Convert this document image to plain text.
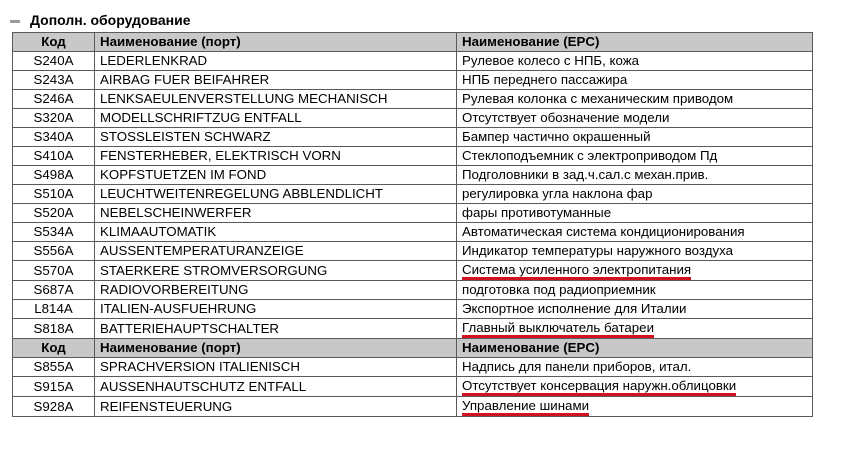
Дополн. оборудование
Код	Наименование (порт)	Наименование (EPC)
S240A	LEDERLENKRAD	Рулевое колесо с НПБ, кожа
S243A	AIRBAG FUER BEIFAHRER	НПБ переднего пассажира
S246A	LENKSAEULENVERSTELLUNG MECHANISCH	Рулевая колонка с механическим приводом
S320A	MODELLSCHRIFTZUG ENTFALL	Отсутствует обозначение модели
S340A	STOSSLEISTEN SCHWARZ	Бампер частично окрашенный
S410A	FENSTERHEBER, ELEKTRISCH VORN	Стеклоподъемник с электроприводом Пд
S498A	KOPFSTUETZEN IM FOND	Подголовники в зад.ч.сал.с механ.прив.
S510A	LEUCHTWEITENREGELUNG ABBLENDLICHT	регулировка угла наклона фар
S520A	NEBELSCHEINWERFER	фары противотуманные
S534A	KLIMAAUTOMATIK	Автоматическая система кондиционирования
S556A	AUSSENTEMPERATURANZEIGE	Индикатор температуры наружного воздуха
S570A	STAERKERE STROMVERSORGUNG	Система усиленного электропитания
S687A	RADIOVORBEREITUNG	подготовка под радиоприемник
L814A	ITALIEN-AUSFUEHRUNG	Экспортное исполнение для Италии
S818A	BATTERIEHAUPTSCHALTER	Главный выключатель батареи
Код	Наименование (порт)	Наименование (EPC)
S855A	SPRACHVERSION ITALIENISCH	Надпись для панели приборов, итал.
S915A	AUSSENHAUTSCHUTZ ENTFALL	Отсутствует консервация наружн.облицовки
S928A	REIFENSTEUERUNG	Управление шинами
